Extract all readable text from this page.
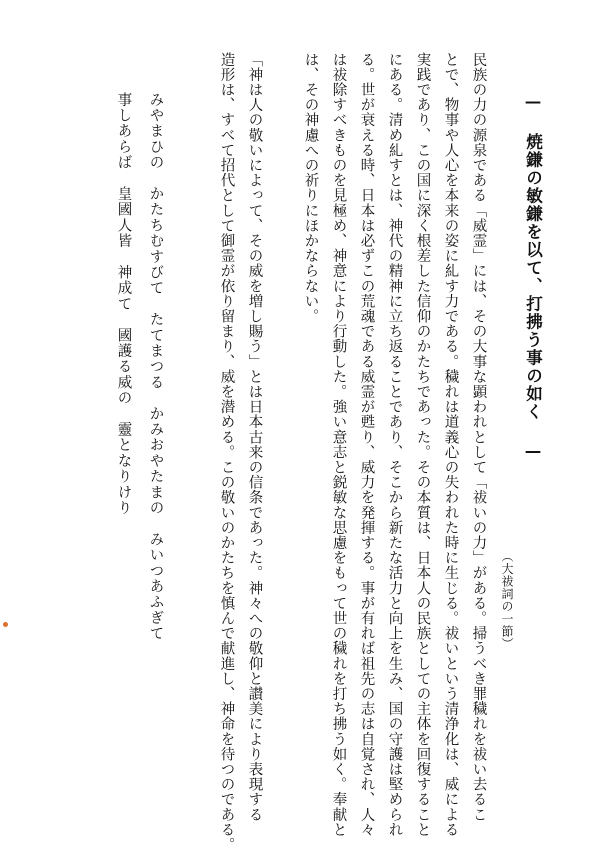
— 焼鎌の敏鎌を以て、打拂う事の如く —
（大祓詞の一節）
民族の力の源泉である「威霊」には、その大事な顕われとして「祓いの力」がある。掃うべき罪穢れを祓い去るこ
とで、物事や人心を本来の姿に糺す力である。穢れは道義心の失われた時に生じる。祓いという清浄化は、威による
実践であり、この国に深く根差した信仰のかたちであった。その本質は、日本人の民族としての主体を回復すること
にある。清め糺すとは、神代の精神に立ち返ることであり、そこから新たな活力と向上を生み、国の守護は堅められ
る。世が衰える時、日本は必ずこの荒魂である威霊が甦り、威力を発揮する。事が有れば祖先の志は自覚され、人々
は祓除すべきものを見極め、神意により行動した。強い意志と鋭敏な思慮をもって世の穢れを打ち拂う如く。奉献と
は、その神慮への祈りにほかならない。
「神は人の敬いによって、その威を増し賜う」とは日本古来の信条であった。神々への敬仰と讃美により表現する
造形は、すべて招代として御霊が依り留まり、威を潜める。この敬いのかたちを慎んで献進し、神命を待つのである。
みやまひの　かたちむすびて　たてまつる　かみおやたまの　みいつあふぎて
事しあらば　皇國人皆　神成て　國護る威の　靈となりけり
